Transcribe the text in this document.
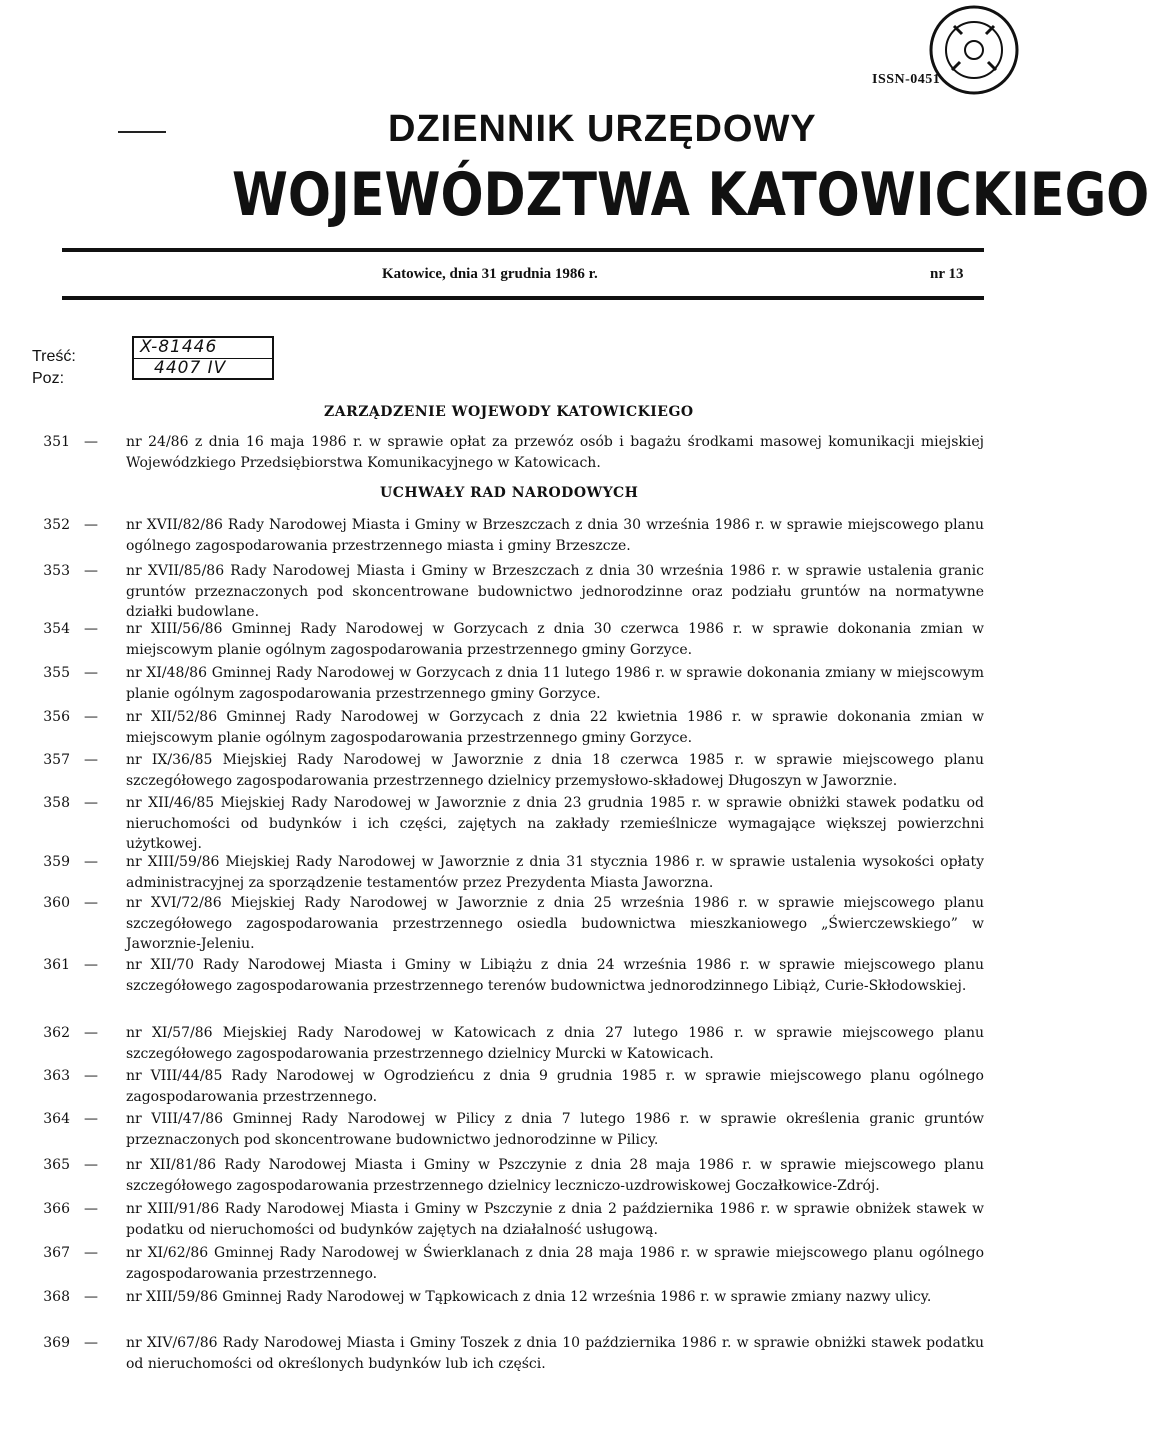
ISSN-0451
DZIENNIK URZĘDOWY
WOJEWÓDZTWA KATOWICKIEGO
Katowice, dnia 31 grudnia 1986 r.	nr 13
Treść:
Poz:
X-81446
4407 IV
ZARZĄDZENIE WOJEWODY KATOWICKIEGO
351 — nr 24/86 z dnia 16 maja 1986 r. w sprawie opłat za przewóz osób i bagażu środkami masowej komunikacji miejskiej Wojewódzkiego Przedsiębiorstwa Komunikacyjnego w Katowicach.
UCHWAŁY RAD NARODOWYCH
352 — nr XVII/82/86 Rady Narodowej Miasta i Gminy w Brzeszczach z dnia 30 września 1986 r. w sprawie miejscowego planu ogólnego zagospodarowania przestrzennego miasta i gminy Brzeszcze.
353 — nr XVII/85/86 Rady Narodowej Miasta i Gminy w Brzeszczach z dnia 30 września 1986 r. w sprawie ustalenia granic gruntów przeznaczonych pod skoncentrowane budownictwo jednorodzinne oraz podziału gruntów na normatywne działki budowlane.
354 — nr XIII/56/86 Gminnej Rady Narodowej w Gorzycach z dnia 30 czerwca 1986 r. w sprawie dokonania zmian w miejscowym planie ogólnym zagospodarowania przestrzennego gminy Gorzyce.
355 — nr XI/48/86 Gminnej Rady Narodowej w Gorzycach z dnia 11 lutego 1986 r. w sprawie dokonania zmiany w miejscowym planie ogólnym zagospodarowania przestrzennego gminy Gorzyce.
356 — nr XII/52/86 Gminnej Rady Narodowej w Gorzycach z dnia 22 kwietnia 1986 r. w sprawie dokonania zmian w miejscowym planie ogólnym zagospodarowania przestrzennego gminy Gorzyce.
357 — nr IX/36/85 Miejskiej Rady Narodowej w Jaworznie z dnia 18 czerwca 1985 r. w sprawie miejscowego planu szczegółowego zagospodarowania przestrzennego dzielnicy przemysłowo-składowej Długoszyn w Jaworznie.
358 — nr XII/46/85 Miejskiej Rady Narodowej w Jaworznie z dnia 23 grudnia 1985 r. w sprawie obniżki stawek podatku od nieruchomości od budynków i ich części, zajętych na zakłady rzemieślnicze wymagające większej powierzchni użytkowej.
359 — nr XIII/59/86 Miejskiej Rady Narodowej w Jaworznie z dnia 31 stycznia 1986 r. w sprawie ustalenia wysokości opłaty administracyjnej za sporządzenie testamentów przez Prezydenta Miasta Jaworzna.
360 — nr XVI/72/86 Miejskiej Rady Narodowej w Jaworznie z dnia 25 września 1986 r. w sprawie miejscowego planu szczegółowego zagospodarowania przestrzennego osiedla budownictwa mieszkaniowego „Świerczewskiego” w Jaworznie-Jeleniu.
361 — nr XII/70 Rady Narodowej Miasta i Gminy w Libiążu z dnia 24 września 1986 r. w sprawie miejscowego planu szczegółowego zagospodarowania przestrzennego terenów budownictwa jednorodzinnego Libiąż, Curie-Skłodowskiej.
362 — nr XI/57/86 Miejskiej Rady Narodowej w Katowicach z dnia 27 lutego 1986 r. w sprawie miejscowego planu szczegółowego zagospodarowania przestrzennego dzielnicy Murcki w Katowicach.
363 — nr VIII/44/85 Rady Narodowej w Ogrodzieńcu z dnia 9 grudnia 1985 r. w sprawie miejscowego planu ogólnego zagospodarowania przestrzennego.
364 — nr VIII/47/86 Gminnej Rady Narodowej w Pilicy z dnia 7 lutego 1986 r. w sprawie określenia granic gruntów przeznaczonych pod skoncentrowane budownictwo jednorodzinne w Pilicy.
365 — nr XII/81/86 Rady Narodowej Miasta i Gminy w Pszczynie z dnia 28 maja 1986 r. w sprawie miejscowego planu szczegółowego zagospodarowania przestrzennego dzielnicy leczniczo-uzdrowiskowej Goczałkowice-Zdrój.
366 — nr XIII/91/86 Rady Narodowej Miasta i Gminy w Pszczynie z dnia 2 października 1986 r. w sprawie obniżek stawek w podatku od nieruchomości od budynków zajętych na działalność usługową.
367 — nr XI/62/86 Gminnej Rady Narodowej w Świerklanach z dnia 28 maja 1986 r. w sprawie miejscowego planu ogólnego zagospodarowania przestrzennego.
368 — nr XIII/59/86 Gminnej Rady Narodowej w Tąpkowicach z dnia 12 września 1986 r. w sprawie zmiany nazwy ulicy.
369 — nr XIV/67/86 Rady Narodowej Miasta i Gminy Toszek z dnia 10 października 1986 r. w sprawie obniżki stawek podatku od nieruchomości od określonych budynków lub ich części.
